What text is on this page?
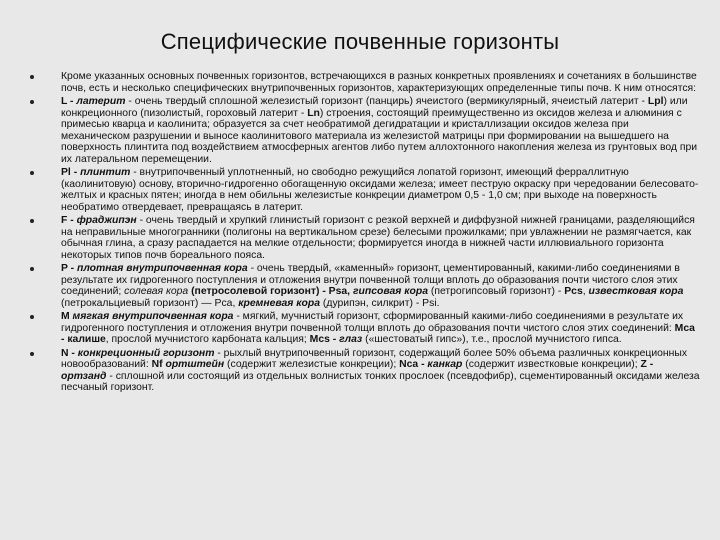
Специфические почвенные горизонты
Кроме указанных основных почвенных горизонтов, встречающихся в разных конкретных проявлениях и сочетаниях в большинстве почв, есть и несколько специфических внутрипочвенных горизонтов, характеризующих определенные типы почв. К ним относятся:
L - латерит - очень твердый сплошной железистый горизонт (панцирь) ячеистого (вермикулярный, ячеистый латерит - Lpl) или конкреционного (пизолистый, гороховый латерит - Ln) строения, состоящий преимущественно из оксидов железа и алюминия с примесью кварца и каолинита; образуется за счет необратимой дегидратации и кристаллизации оксидов железа при механическом разрушении и выносе каолинитового материала из железистой матрицы при формировании на вышедшего на поверхность плинтита под воздействием атмосферных агентов либо путем аллохтонного накопления железа из грунтовых вод при их латеральном перемещении.
Pl - плинтит - внутрипочвенный уплотненный, но свободно режущийся лопатой горизонт, имеющий ферраллитную (каолинитовую) основу, вторично-гидрогенно обогащенную оксидами железа; имеет пеструю окраску при чередовании белесовато-желтых и красных пятен; иногда в нем обильны железистые конкреции диаметром 0,5 - 1,0 см; при выходе на поверхность необратимо отвердевает, превращаясь в латерит.
F - фраджипэн - очень твердый и хрупкий глинистый горизонт с резкой верхней и диффузной нижней границами, разделяющийся на неправильные многогранники (полигоны на вертикальном срезе) белесыми прожилками; при увлажнении не размягчается, как обычная глина, а сразу распадается на мелкие отдельности; формируется иногда в нижней части иллювиального горизонта некоторых типов почв бореального пояса.
P - плотная внутрипочвенная кора - очень твердый, «каменный» горизонт, цементированный, какими-либо соединениями в результате их гидрогенного поступления и отложения внутри почвенной толщи вплоть до образования почти чистого слоя этих соединений; солевая кора (петросолевой горизонт) - Psa, гипсовая кора (петрогипсовый горизонт) - Pcs, известковая кора (петрокальциевый горизонт) — Рса, кремневая кора (дурипэн, силкрит) - Psi.
M мягкая внутрипочвенная кора - мягкий, мучнистый горизонт, сформированный какими-либо соединениями в результате их гидрогенного поступления и отложения внутри почвенной толщи вплоть до образования почти чистого слоя этих соединений: Mca - калише, прослой мучнистого карбоната кальция; Mcs - глаз («шестоватый гипс»), т.е., прослой мучнистого гипса.
N - конкреционный горизонт - рыхлый внутрипочвенный горизонт, содержащий более 50% объема различных конкреционных новообразований: Nf ортштейн (содержит железистые конкреции); Nca - канкар (содержит известковые конкреции); Z - ортзанд - сплошной или состоящий из отдельных волнистых тонких прослоек (псевдофибр), сцементированный оксидами железа песчаный горизонт.
